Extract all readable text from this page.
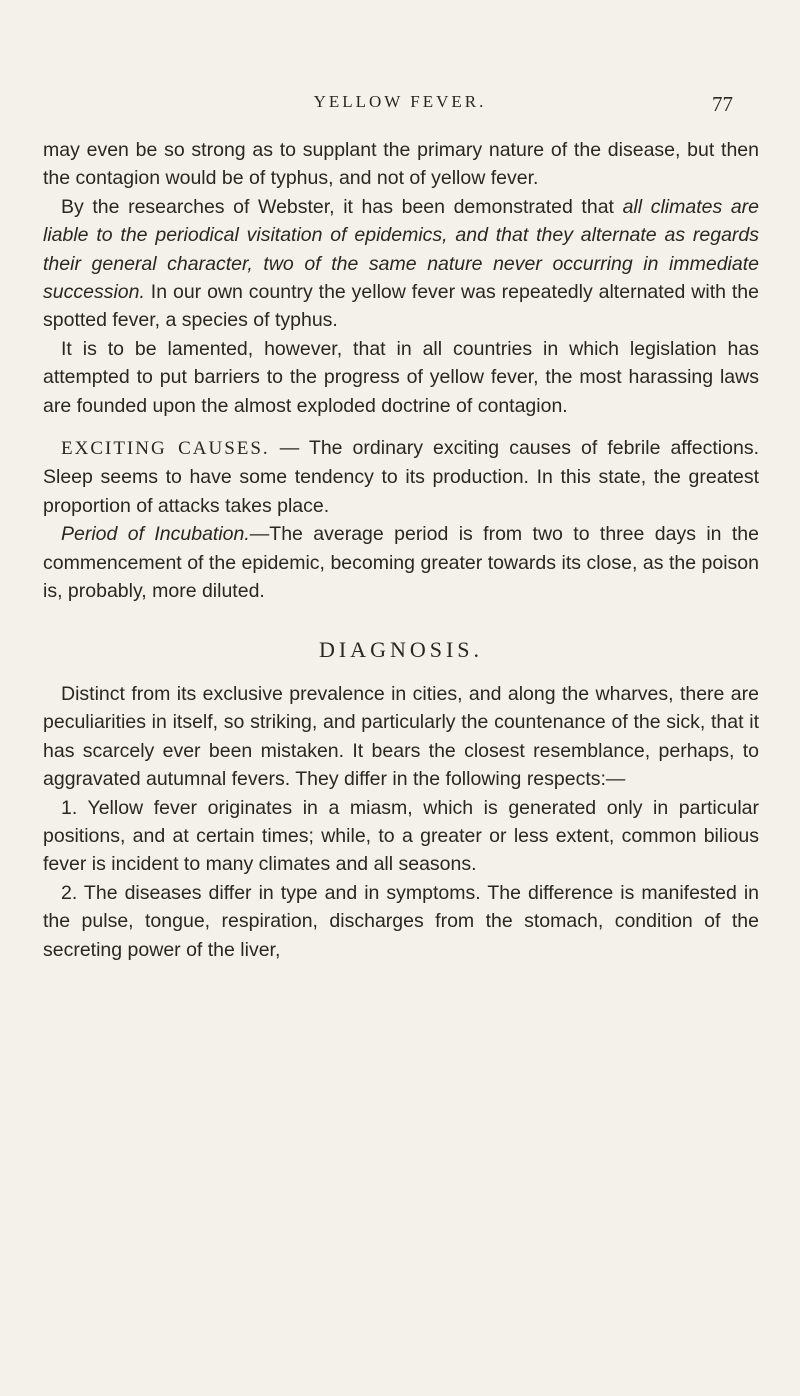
YELLOW FEVER.	77

may even be so strong as to supplant the primary nature of the disease, but then the contagion would be of typhus, and not of yellow fever.

By the researches of Webster, it has been demonstrated that all climates are liable to the periodical visitation of epidemics, and that they alternate as regards their general character, two of the same nature never occurring in immediate succession. In our own country the yellow fever was repeatedly alternated with the spotted fever, a species of typhus.

It is to be lamented, however, that in all countries in which legislation has attempted to put barriers to the progress of yellow fever, the most harassing laws are founded upon the almost exploded doctrine of contagion.

EXCITING CAUSES. — The ordinary exciting causes of febrile affections. Sleep seems to have some tendency to its production. In this state, the greatest proportion of attacks takes place.

Period of Incubation.—The average period is from two to three days in the commencement of the epidemic, becoming greater towards its close, as the poison is, probably, more diluted.

DIAGNOSIS.

Distinct from its exclusive prevalence in cities, and along the wharves, there are peculiarities in itself, so striking, and particularly the countenance of the sick, that it has scarcely ever been mistaken. It bears the closest resemblance, perhaps, to aggravated autumnal fevers. They differ in the following respects:—

1. Yellow fever originates in a miasm, which is generated only in particular positions, and at certain times; while, to a greater or less extent, common bilious fever is incident to many climates and all seasons.

2. The diseases differ in type and in symptoms. The difference is manifested in the pulse, tongue, respiration, discharges from the stomach, condition of the secreting power of the liver,
